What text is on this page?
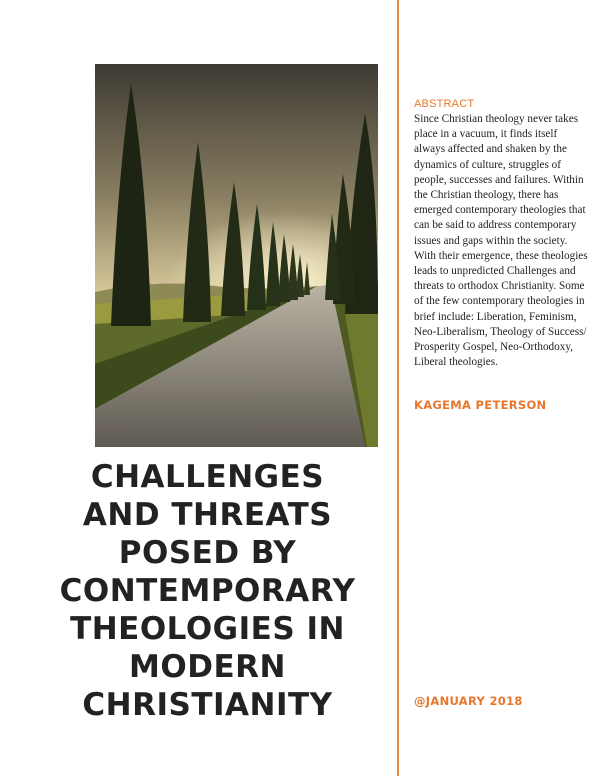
CHALLENGES
AND THREATS
POSED BY
CONTEMPORARY
THEOLOGIES IN
MODERN
CHRISTIANITY
ABSTRACT

Since Christian theology never takes place in a vacuum, it finds itself always affected and shaken by the dynamics of culture, struggles of people, successes and failures. Within the Christian theology, there has emerged contemporary theologies that can be said to address contemporary issues and gaps within the society. With their emergence, these theologies leads to unpredicted Challenges and threats to orthodox Christianity. Some of the few contemporary theologies in brief include: Liberation, Feminism, Neo-Liberalism, Theology of Success/ Prosperity Gospel, Neo-Orthodoxy, Liberal theologies.

KAGEMA PETERSON
@JANUARY 2018
